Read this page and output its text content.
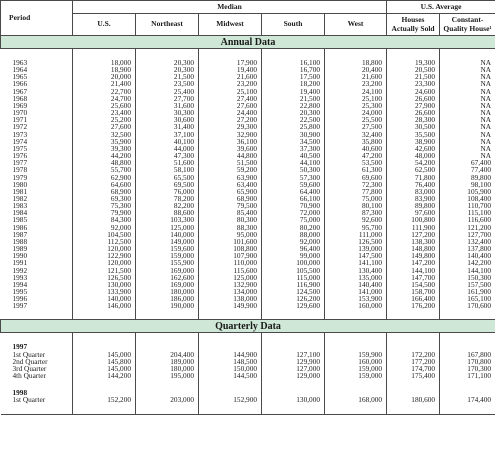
Period	Median					U.S. Average	
	U.S.	Northeast	Midwest	South	West	Houses Actually Sold	Constant-Quality House¹
Annual Data							

1963	18,000	20,300	17,900	16,100	18,800	19,300	NA
1964	18,900	20,300	19,400	16,700	20,400	20,500	NA
1965	20,000	21,500	21,600	17,500	21,600	21,500	NA
1966	21,400	23,500	23,200	18,200	23,200	23,300	NA
1967	22,700	25,400	25,100	19,400	24,100	24,600	NA
1968	24,700	27,700	27,400	21,500	25,100	26,600	NA
1969	25,600	31,600	27,600	22,800	25,300	27,900	NA
1970	23,400	30,300	24,400	20,300	24,000	26,600	NA
1971	25,200	30,600	27,200	22,500	25,500	28,300	NA
1972	27,600	31,400	29,300	25,800	27,500	30,500	NA
1973	32,500	37,100	32,900	30,900	32,400	35,500	NA
1974	35,900	40,100	36,100	34,500	35,800	38,900	NA
1975	39,300	44,000	39,600	37,300	40,600	42,600	NA
1976	44,200	47,300	44,800	40,500	47,200	48,000	NA
1977	48,800	51,600	51,500	44,100	53,500	54,200	67,400
1978	55,700	58,100	59,200	50,300	61,300	62,500	77,400
1979	62,900	65,500	63,900	57,300	69,600	71,800	89,800
1980	64,600	69,500	63,400	59,600	72,300	76,400	98,100
1981	68,900	76,000	65,900	64,400	77,800	83,000	105,900
1982	69,300	78,200	68,900	66,100	75,000	83,900	108,400
1983	75,300	82,200	79,500	70,900	80,100	89,800	110,700
1984	79,900	88,600	85,400	72,000	87,300	97,600	115,100
1985	84,300	103,300	80,300	75,000	92,600	100,800	116,600
1986	92,000	125,000	88,300	80,200	95,700	111,900	121,200
1987	104,500	140,000	95,000	88,000	111,000	127,200	127,700
1988	112,500	149,000	101,600	92,000	126,500	138,300	132,400
1989	120,000	159,600	108,800	96,400	139,000	148,800	137,800
1990	122,900	159,000	107,900	99,000	147,500	149,800	140,400
1991	120,000	155,900	110,000	100,000	141,100	147,200	142,200
1992	121,500	169,000	115,600	105,500	130,400	144,100	144,100
1993	126,500	162,600	125,000	115,000	135,000	147,700	150,300
1994	130,000	169,000	132,900	116,900	140,400	154,500	157,500
1995	133,900	180,000	134,000	124,500	141,000	158,700	161,900
1996	140,000	186,000	138,000	126,200	153,900	166,400	165,100
1997	146,000	190,000	149,900	129,600	160,000	176,200	170,600

Quarterly Data							

1997							
1st Quarter	145,000	204,400	144,900	127,100	159,900	172,200	167,800
2nd Quarter	145,800	189,000	148,500	129,900	160,000	177,200	170,800
3rd Quarter	145,000	180,000	150,000	127,000	159,000	174,700	170,300
4th Quarter	144,200	195,000	144,500	129,000	159,000	175,400	171,100

1998							
1st Quarter	152,200	203,000	152,900	130,000	168,000	180,600	174,400
